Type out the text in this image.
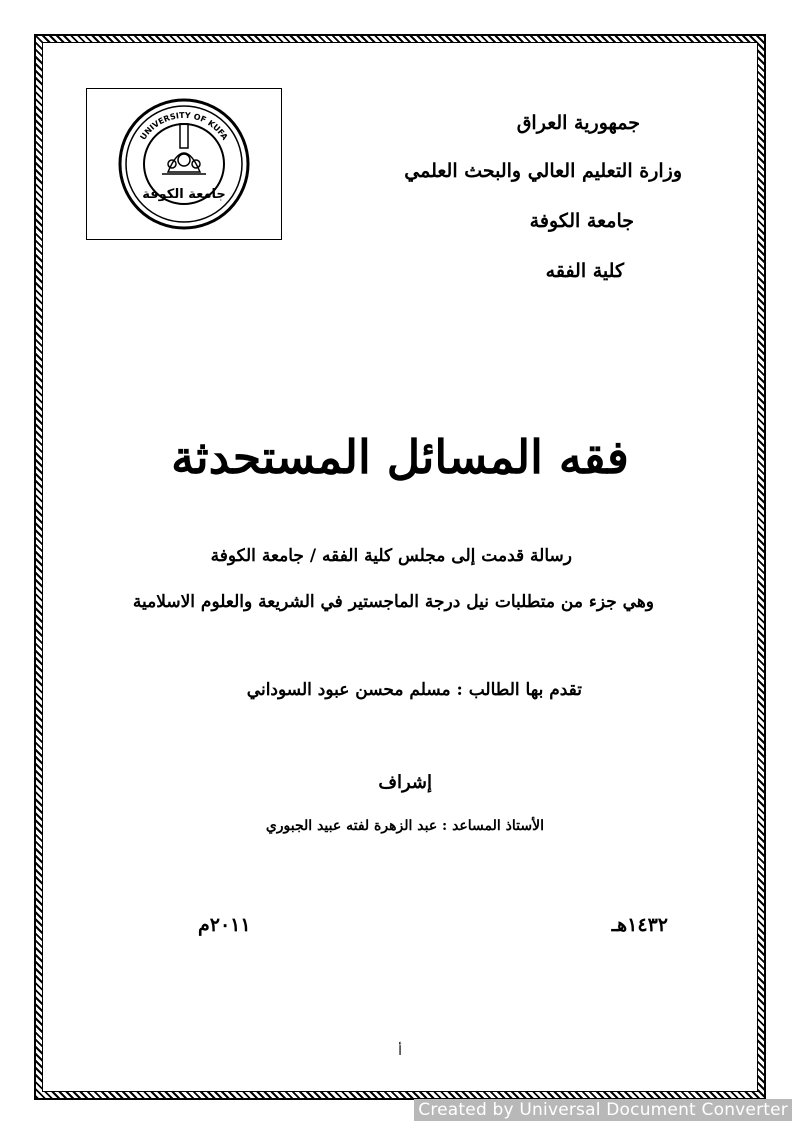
UNIVERSITY OF KUFA
جامعة الكوفة
جمهورية العراق
وزارة التعليم العالي والبحث العلمي
جامعة الكوفة
كلية الفقه
فقه المسائل المستحدثة
رسالة قدمت إلى مجلس كلية الفقه / جامعة الكوفة
وهي جزء من متطلبات نيل درجة الماجستير في الشريعة والعلوم الاسلامية
تقدم بها الطالب : مسلم محسن عبود السوداني
إشراف
الأستاذ المساعد : عبد الزهرة لفته عبيد الجبوري
١٤٣٢هـ
٢٠١١م
أ
Created by Universal Document Converter
